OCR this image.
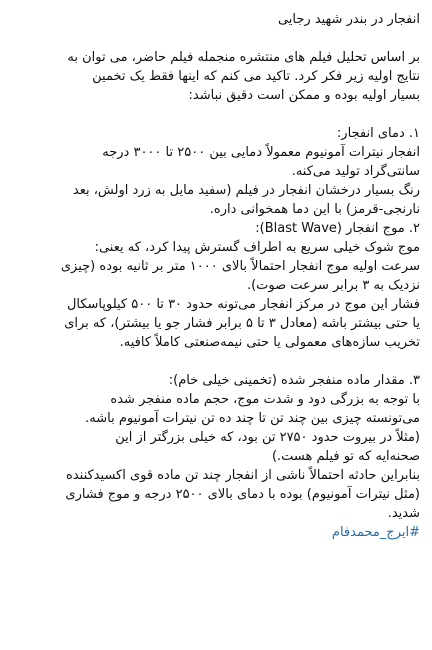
انفجار در بندر شهید رجایی
بر اساس تحلیل فیلم های منتشره منجمله فیلم حاضر، می توان به
نتایج اولیه زیر فکر کرد. تاکید می کنم که اینها فقط یک تخمین
بسیار اولیه بوده و ممکن است دقیق نباشد:
۱. دمای انفجار:
انفجار نیترات آمونیوم معمولاً دمایی بین ۲۵۰۰ تا ۳۰۰۰ درجه
سانتی‌گراد تولید می‌کنه.
رنگ بسیار درخشان انفجار در فیلم (سفید مایل به زرد اولش، بعد
نارنجی-قرمز) با این دما همخوانی داره.
۲. موج انفجار (Blast Wave):
موج شوک خیلی سریع به اطراف گسترش پیدا کرد، که یعنی:
سرعت اولیه موج انفجار احتمالاً بالای ۱۰۰۰ متر بر ثانیه بوده (چیزی
نزدیک به ۳ برابر سرعت صوت).
فشار این موج در مرکز انفجار می‌تونه حدود ۳۰ تا ۵۰۰ کیلوپاسکال
یا حتی بیشتر باشه (معادل ۳ تا ۵ برابر فشار جو یا بیشتر)، که برای
تخریب سازه‌های معمولی یا حتی نیمه‌صنعتی کاملاً کافیه.
۳. مقدار ماده منفجر شده (تخمینی خیلی خام):
با توجه به بزرگی دود و شدت موج، حجم ماده منفجر شده
می‌تونسته چیزی بین چند تن تا چند ده تن نیترات آمونیوم باشه.
(مثلاً در بیروت حدود ۲۷۵۰ تن بود، که خیلی بزرگتر از این
صحنه‌ایه که تو فیلم هست.)
بنابراین حادثه احتمالاً ناشی از انفجار چند تن ماده قوی اکسیدکننده
(مثل نیترات آمونیوم) بوده با دمای بالای ۲۵۰۰ درجه و موج فشاری
شدید.
#ایرج_محمدفام
